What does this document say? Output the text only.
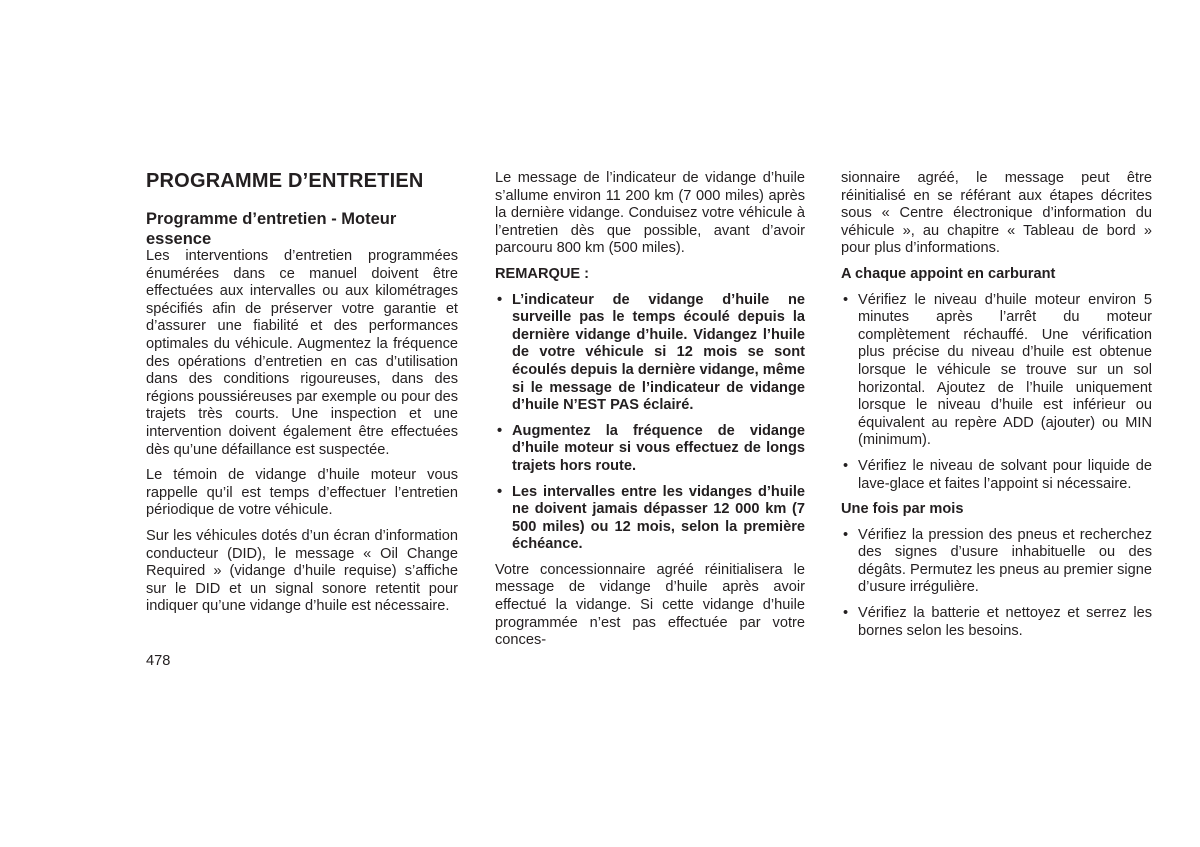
PROGRAMME D’ENTRETIEN
Programme d’entretien - Moteur essence

Les interventions d’entretien programmées énumérées dans ce manuel doivent être effectuées aux intervalles ou aux kilométrages spécifiés afin de préserver votre garantie et d’assurer une fiabilité et des performances optimales du véhicule. Augmentez la fréquence des opérations d’entretien en cas d’utilisation dans des conditions rigoureuses, dans des régions poussiéreuses par exemple ou pour des trajets très courts. Une inspection et une intervention doivent également être effectuées dès qu’une défaillance est suspectée.

Le témoin de vidange d’huile moteur vous rappelle qu’il est temps d’effectuer l’entretien périodique de votre véhicule.

Sur les véhicules dotés d’un écran d’information conducteur (DID), le message « Oil Change Required » (vidange d’huile requise) s’affiche sur le DID et un signal sonore retentit pour indiquer qu’une vidange d’huile est nécessaire.

Le message de l’indicateur de vidange d’huile s’allume environ 11 200 km (7 000 miles) après la dernière vidange. Conduisez votre véhicule à l’entretien dès que possible, avant d’avoir parcouru 800 km (500 miles).

REMARQUE :

• L’indicateur de vidange d’huile ne surveille pas le temps écoulé depuis la dernière vidange d’huile. Vidangez l’huile de votre véhicule si 12 mois se sont écoulés depuis la dernière vidange, même si le message de l’indicateur de vidange d’huile N’EST PAS éclairé.
• Augmentez la fréquence de vidange d’huile moteur si vous effectuez de longs trajets hors route.
• Les intervalles entre les vidanges d’huile ne doivent jamais dépasser 12 000 km (7 500 miles) ou 12 mois, selon la première échéance.

Votre concessionnaire agréé réinitialisera le message de vidange d’huile après avoir effectué la vidange. Si cette vidange d’huile programmée n’est pas effectuée par votre conces-

sionnaire agréé, le message peut être réinitialisé en se référant aux étapes décrites sous « Centre électronique d’information du véhicule », au chapitre « Tableau de bord » pour plus d’informations.

A chaque appoint en carburant

• Vérifiez le niveau d’huile moteur environ 5 minutes après l’arrêt du moteur complètement réchauffé. Une vérification plus précise du niveau d’huile est obtenue lorsque le véhicule se trouve sur un sol horizontal. Ajoutez de l’huile uniquement lorsque le niveau d’huile est inférieur ou équivalent au repère ADD (ajouter) ou MIN (minimum).
• Vérifiez le niveau de solvant pour liquide de lave-glace et faites l’appoint si nécessaire.

Une fois par mois

• Vérifiez la pression des pneus et recherchez des signes d’usure inhabituelle ou des dégâts. Permutez les pneus au premier signe d’usure irrégulière.
• Vérifiez la batterie et nettoyez et serrez les bornes selon les besoins.
478
